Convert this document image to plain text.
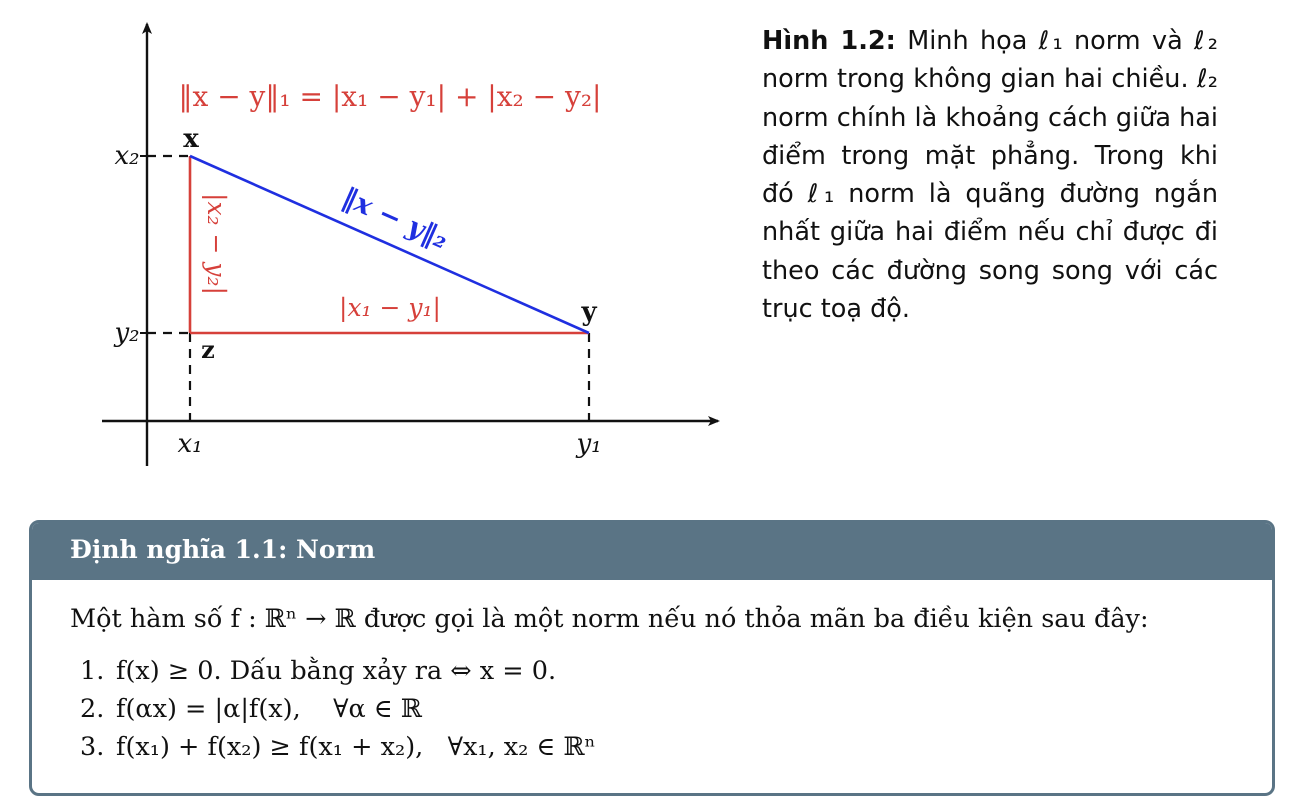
‖x − y‖₁ = |x₁ − y₁| + |x₂ − y₂|
‖x − y‖₂
|x₂ − y₂|
|x₁ − y₁|
x
y
z
x₁	y₁
x₂
y₂
Hình 1.2: Minh họa ℓ₁ norm và ℓ₂ norm trong không gian hai chiều. ℓ₂ norm chính là khoảng cách giữa hai điểm trong mặt phẳng. Trong khi đó ℓ₁ norm là quãng đường ngắn nhất giữa hai điểm nếu chỉ được đi theo các đường song song với các trục toạ độ.
Định nghĩa 1.1: Norm

Một hàm số f : ℝⁿ → ℝ được gọi là một norm nếu nó thỏa mãn ba điều kiện sau đây:

1. f(x) ≥ 0. Dấu bằng xảy ra ⇔ x = 0.
2. f(αx) = |α|f(x),    ∀α ∈ ℝ
3. f(x₁) + f(x₂) ≥ f(x₁ + x₂),   ∀x₁, x₂ ∈ ℝⁿ
